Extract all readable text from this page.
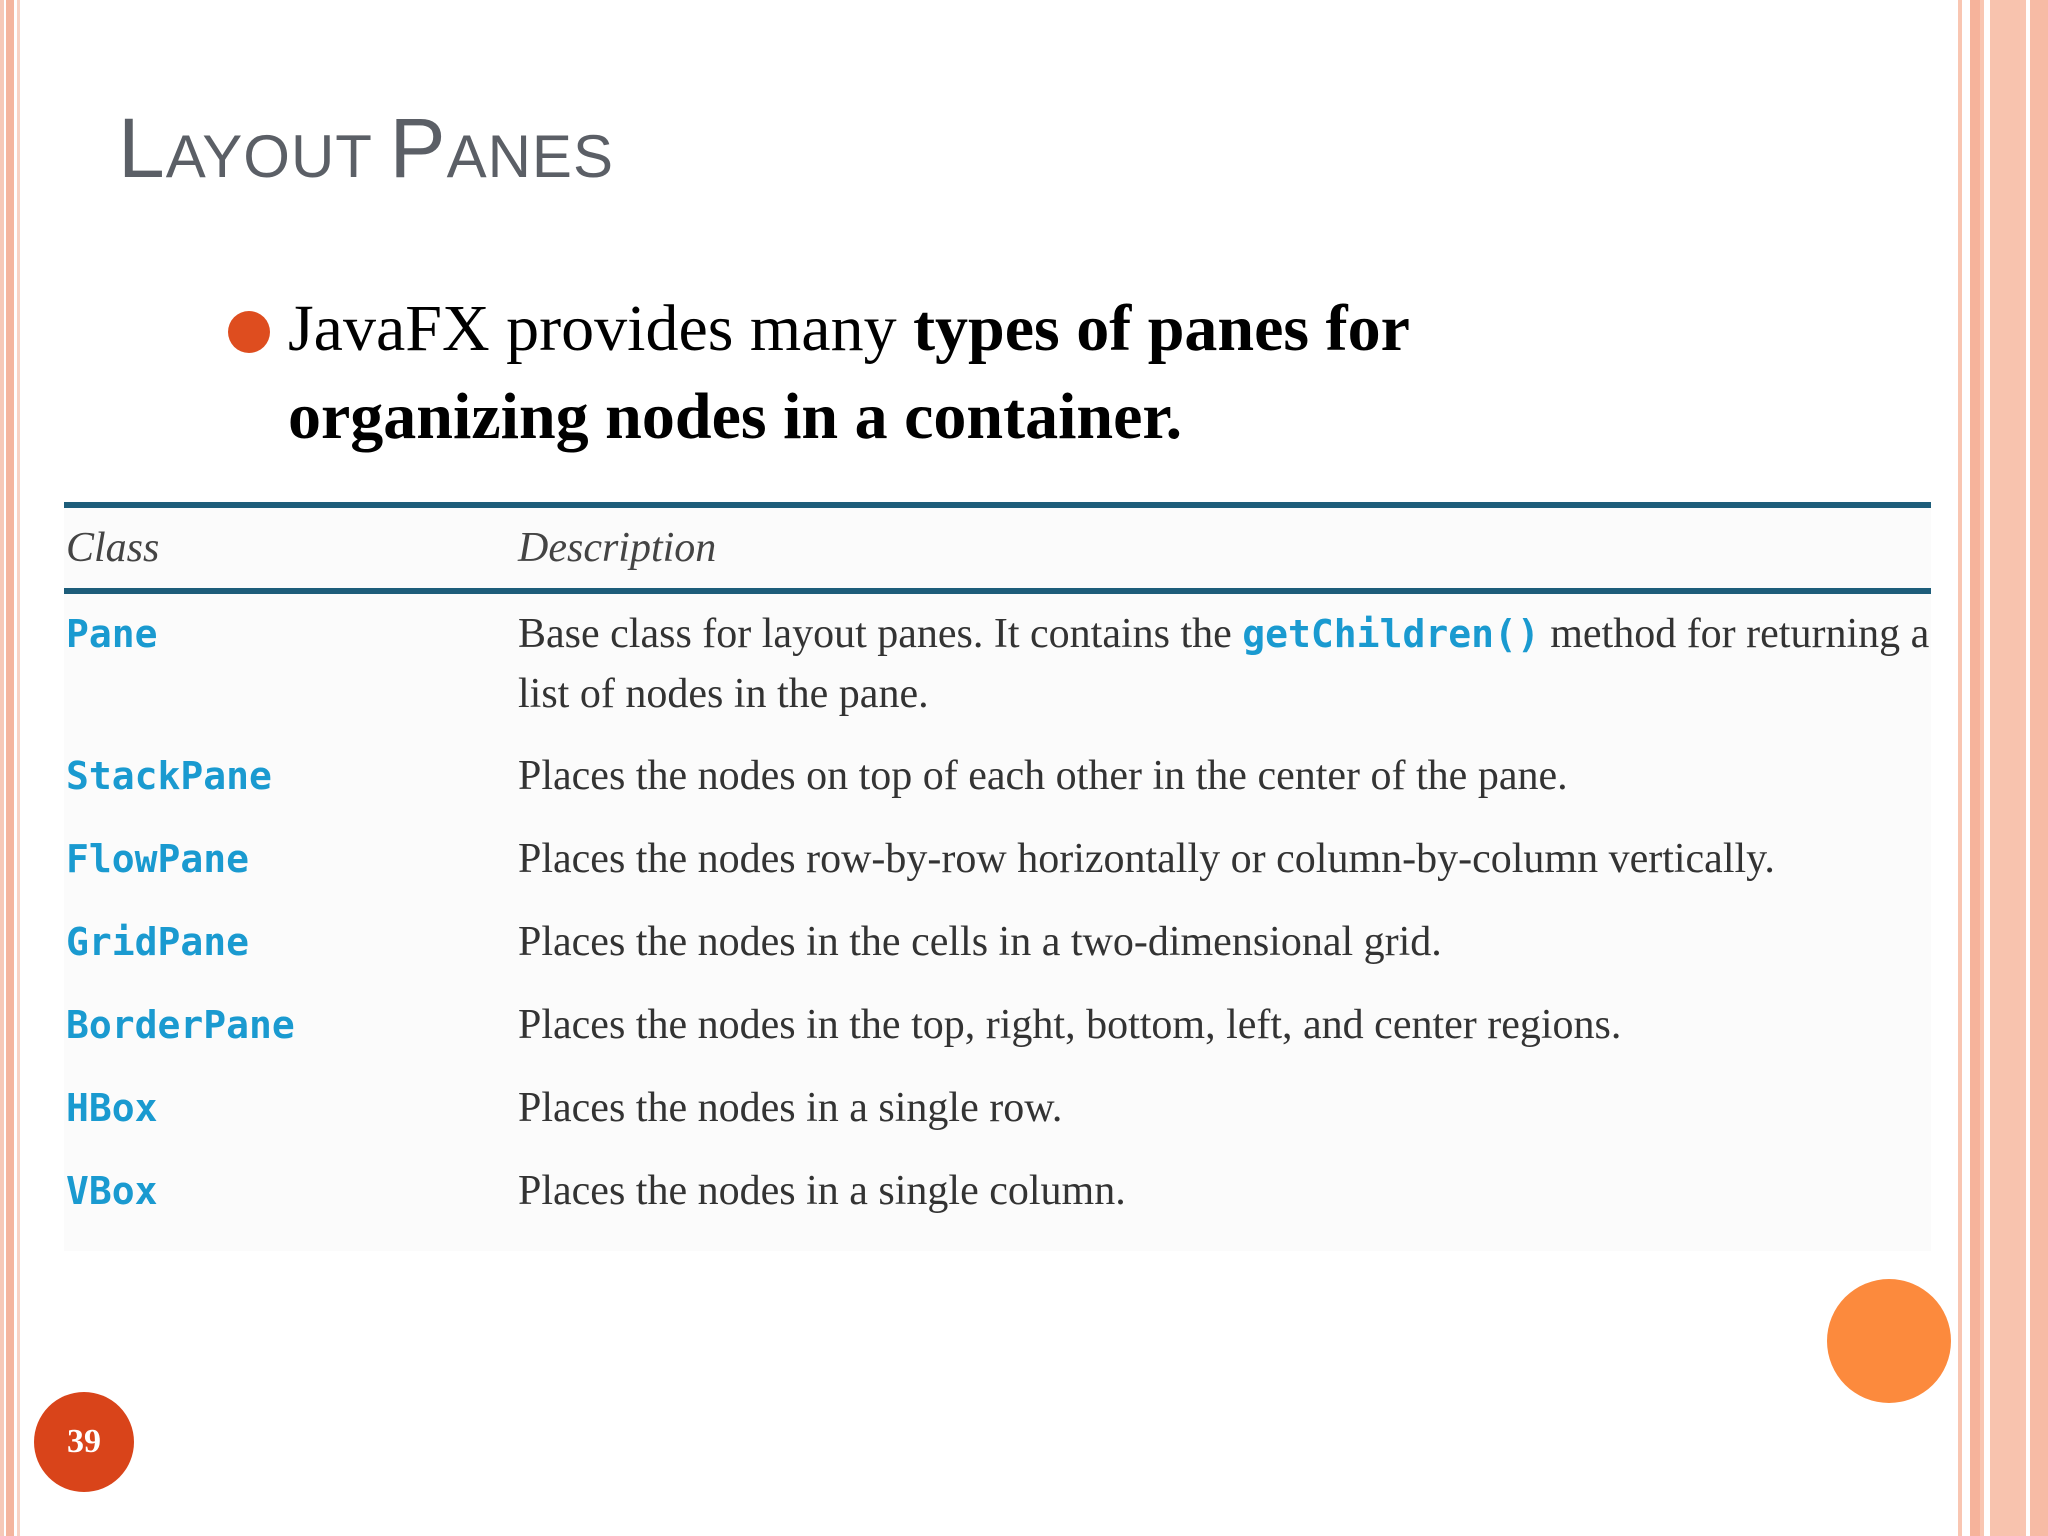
LAYOUT PANES
JavaFX provides many types of panes for organizing nodes in a container.
Class	Description
Pane	Base class for layout panes. It contains the getChildren() method for returning a list of nodes in the pane.
StackPane	Places the nodes on top of each other in the center of the pane.
FlowPane	Places the nodes row-by-row horizontally or column-by-column vertically.
GridPane	Places the nodes in the cells in a two-dimensional grid.
BorderPane	Places the nodes in the top, right, bottom, left, and center regions.
HBox	Places the nodes in a single row.
VBox	Places the nodes in a single column.
39
